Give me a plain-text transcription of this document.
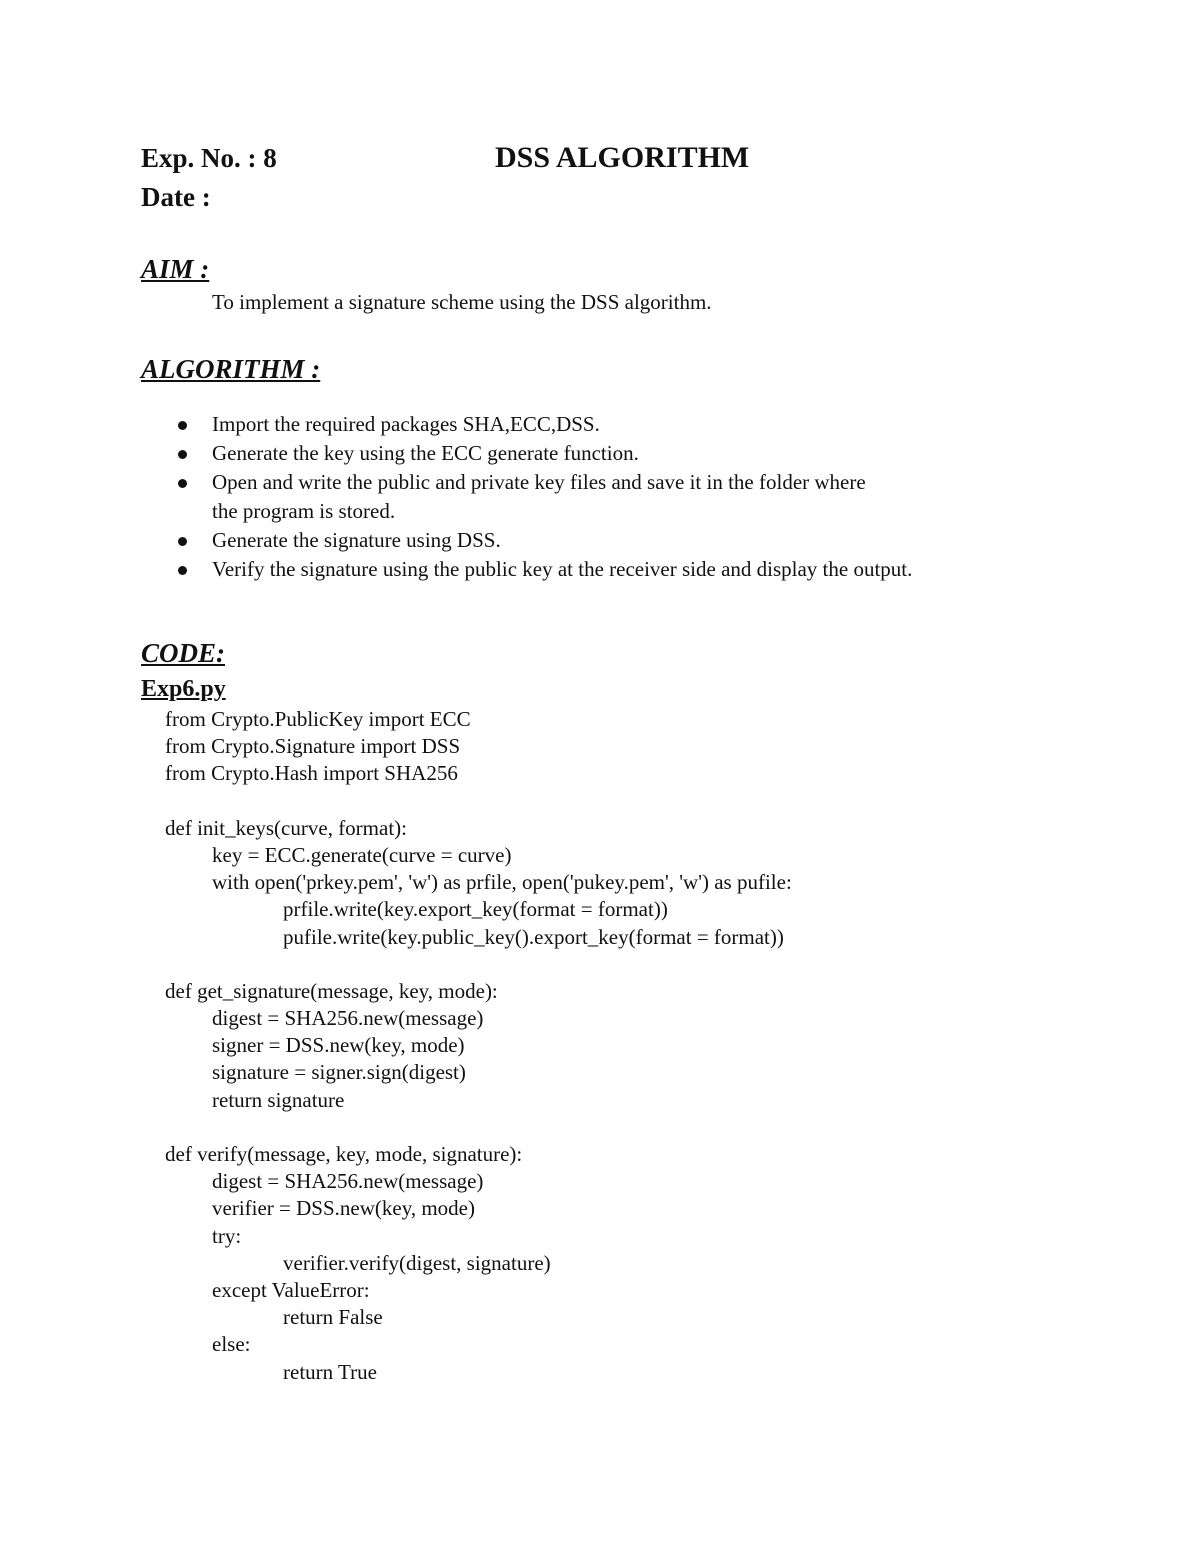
Exp. No. : 8	DSS ALGORITHM
Date :
AIM :
To implement a signature scheme using the DSS algorithm.
ALGORITHM :
Import the required packages SHA,ECC,DSS.
Generate the key using the ECC generate function.
Open and write the public and private key files and save it in the folder where
the program is stored.
Generate the signature using DSS.
Verify the signature using the public key at the receiver side and display the output.
CODE:
Exp6.py
from Crypto.PublicKey import ECC
from Crypto.Signature import DSS
from Crypto.Hash import SHA256
def init_keys(curve, format):
key = ECC.generate(curve = curve)
with open('prkey.pem', 'w') as prfile, open('pukey.pem', 'w') as pufile:
prfile.write(key.export_key(format = format))
pufile.write(key.public_key().export_key(format = format))
def get_signature(message, key, mode):
digest = SHA256.new(message)
signer = DSS.new(key, mode)
signature = signer.sign(digest)
return signature
def verify(message, key, mode, signature):
digest = SHA256.new(message)
verifier = DSS.new(key, mode)
try:
verifier.verify(digest, signature)
except ValueError:
return False
else:
return True
